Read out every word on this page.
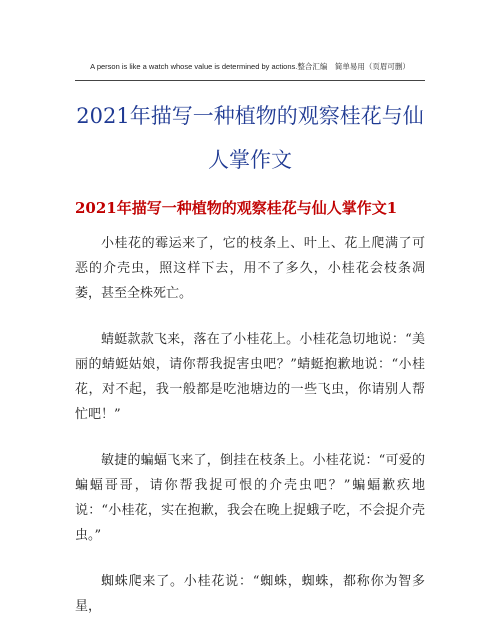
A person is like a watch whose value is determined by actions.整合汇编　简单易用（页眉可删）
2021年描写一种植物的观察桂花与仙人掌作文
2021年描写一种植物的观察桂花与仙人掌作文1

小桂花的霉运来了，它的枝条上、叶上、花上爬满了可恶的介壳虫，照这样下去，用不了多久，小桂花会枝条凋萎，甚至全株死亡。

蜻蜓款款飞来，落在了小桂花上。小桂花急切地说：“美丽的蜻蜓姑娘，请你帮我捉害虫吧？”蜻蜓抱歉地说：“小桂花，对不起，我一般都是吃池塘边的一些飞虫，你请别人帮忙吧！”

敏捷的蝙蝠飞来了，倒挂在枝条上。小桂花说：“可爱的蝙蝠哥哥，请你帮我捉可恨的介壳虫吧？”蝙蝠歉疚地说：“小桂花，实在抱歉，我会在晚上捉蛾子吃，不会捉介壳虫。”

蜘蛛爬来了。小桂花说：“蜘蛛，蜘蛛，都称你为智多星，
